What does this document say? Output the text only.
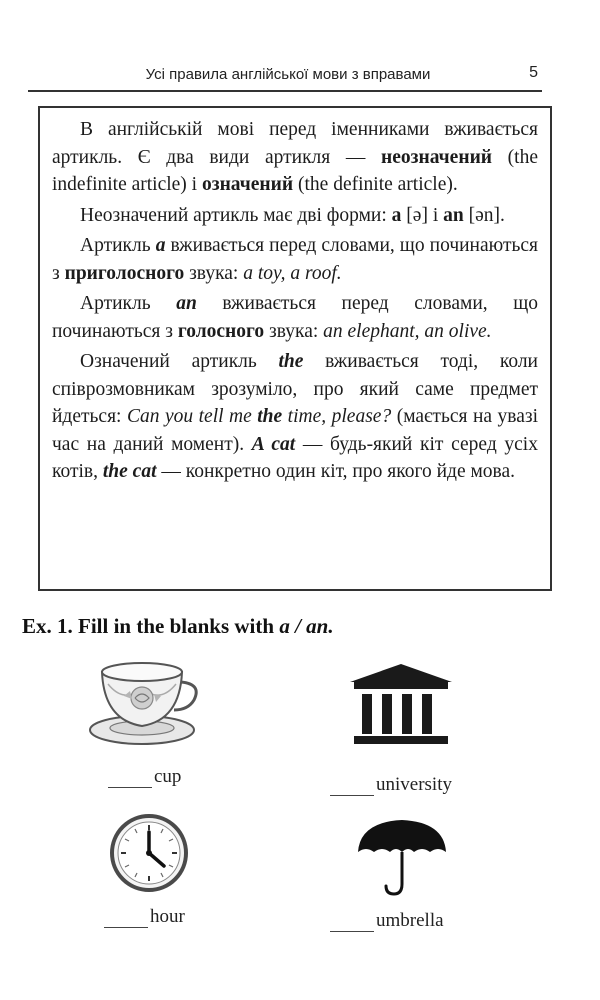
Усі правила англійської мови з вправами	5

В англійській мові перед іменниками вживається артикль. Є два види артикля — неозначений (the indefinite article) і означений (the definite article).

Неозначений артикль має дві форми: a [ə] і an [ən].

Артикль a вживається перед словами, що починаються з приголосного звука: a toy, a roof.

Артикль an вживається перед словами, що починаються з голосного звука: an elephant, an olive.

Означений артикль the вживається тоді, коли співрозмовникам зрозуміло, про який саме предмет йдеться: Can you tell me the time, please? (мається на увазі час на даний момент). A cat — будь-який кіт серед усіх котів, the cat — конкретно один кіт, про якого йде мова.

Ex. 1. Fill in the blanks with a / an.
cup	university
hour	umbrella
